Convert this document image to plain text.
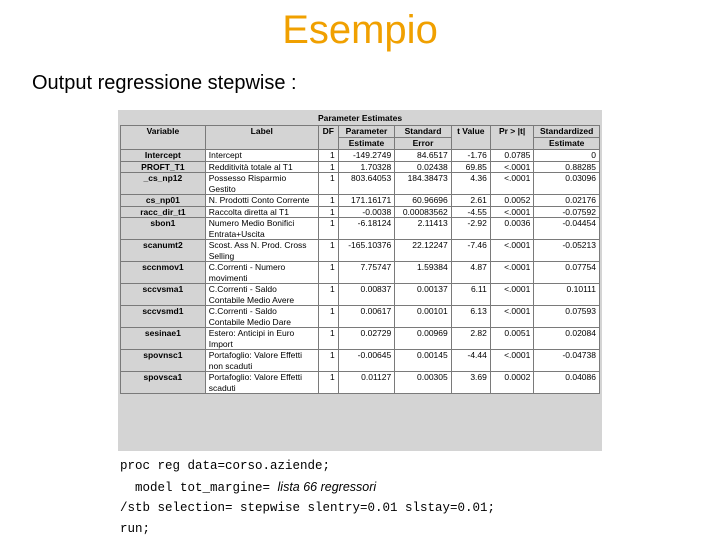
Esempio
Output regressione stepwise :
Parameter Estimates
Variable	Label	DF	Parameter	Standard	t Value	Pr > |t|	Standardized
			Estimate	Error			Estimate
Intercept	Intercept	1	-149.2749	84.6517	-1.76	0.0785	0
PROFT_T1	Redditività totale al T1	1	1.70328	0.02438	69.85	<.0001	0.88285
_cs_np12	Possesso Risparmio Gestito	1	803.64053	184.38473	4.36	<.0001	0.03096
cs_np01	N. Prodotti Conto Corrente	1	171.16171	60.96696	2.61	0.0052	0.02176
racc_dir_t1	Raccolta diretta al T1	1	-0.0038	0.00083562	-4.55	<.0001	-0.07592
sbon1	Numero Medio Bonifici Entrata+Uscita	1	-6.18124	2.11413	-2.92	0.0036	-0.04454
scanumt2	Scost. Ass N. Prod. Cross Selling	1	-165.10376	22.12247	-7.46	<.0001	-0.05213
sccnmov1	C.Correnti - Numero movimenti	1	7.75747	1.59384	4.87	<.0001	0.07754
sccvsma1	C.Correnti - Saldo Contabile Medio Avere	1	0.00837	0.00137	6.11	<.0001	0.10111
sccvsmd1	C.Correnti - Saldo Contabile Medio Dare	1	0.00617	0.00101	6.13	<.0001	0.07593
sesinae1	Estero: Anticipi in Euro Import	1	0.02729	0.00969	2.82	0.0051	0.02084
spovnsc1	Portafoglio: Valore Effetti non scaduti	1	-0.00645	0.00145	-4.44	<.0001	-0.04738
spovsca1	Portafoglio: Valore Effetti scaduti	1	0.01127	0.00305	3.69	0.0002	0.04086
proc reg data=corso.aziende;
model tot_margine= lista 66 regressori
/stb selection= stepwise slentry=0.01 slstay=0.01;
run;
